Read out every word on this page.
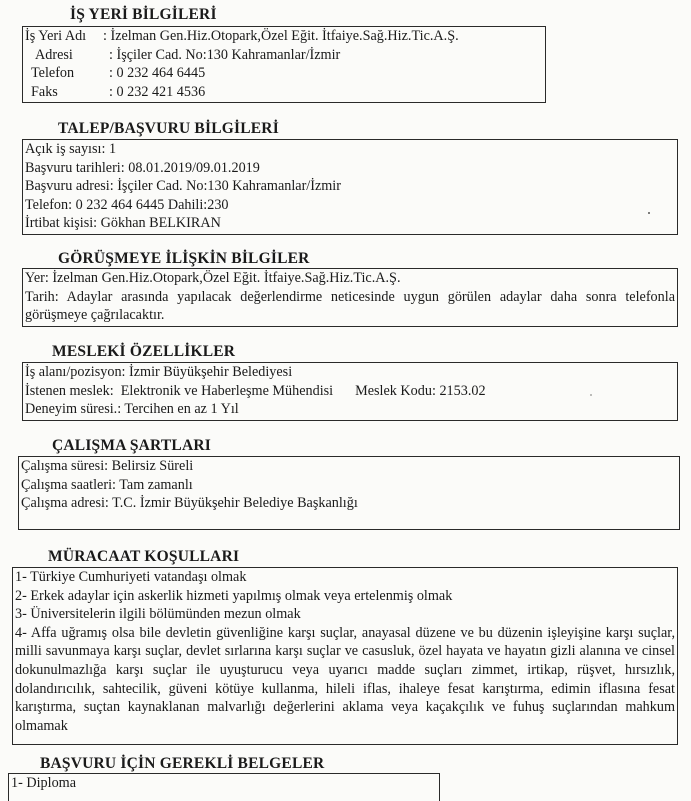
İŞ YERİ BİLGİLERİ
İş Yeri Adı	: İzelman Gen.Hiz.Otopark,Özel Eğit. İtfaiye.Sağ.Hiz.Tic.A.Ş.
Adresi	: İşçiler Cad. No:130 Kahramanlar/İzmir
Telefon	: 0 232 464 6445
Faks	: 0 232 421 4536
TALEP/BAŞVURU BİLGİLERİ
Açık iş sayısı: 1
Başvuru tarihleri: 08.01.2019/09.01.2019
Başvuru adresi: İşçiler Cad. No:130 Kahramanlar/İzmir
Telefon: 0 232 464 6445 Dahili:230
İrtibat kişisi: Gökhan BELKIRAN
GÖRÜŞMEYE İLİŞKİN BİLGİLER
Yer: İzelman Gen.Hiz.Otopark,Özel Eğit. İtfaiye.Sağ.Hiz.Tic.A.Ş.
Tarih: Adaylar arasında yapılacak değerlendirme neticesinde uygun görülen adaylar daha sonra telefonla görüşmeye çağrılacaktır.
MESLEKİ ÖZELLİKLER
İş alanı/pozisyon: İzmir Büyükşehir Belediyesi
İstenen meslek:  Elektronik ve Haberleşme Mühendisi Meslek Kodu: 2153.02
Deneyim süresi.: Tercihen en az 1 Yıl
ÇALIŞMA ŞARTLARI
Çalışma süresi: Belirsiz Süreli
Çalışma saatleri: Tam zamanlı
Çalışma adresi: T.C. İzmir Büyükşehir Belediye Başkanlığı
MÜRACAAT KOŞULLARI
1- Türkiye Cumhuriyeti vatandaşı olmak
2- Erkek adaylar için askerlik hizmeti yapılmış olmak veya ertelenmiş olmak
3- Üniversitelerin ilgili bölümünden mezun olmak
4- Affa uğramış olsa bile devletin güvenliğine karşı suçlar, anayasal düzene ve bu düzenin işleyişine karşı suçlar, milli savunmaya karşı suçlar, devlet sırlarına karşı suçlar ve casusluk, özel hayata ve hayatın gizli alanına ve cinsel dokunulmazlığa karşı suçlar ile uyuşturucu veya uyarıcı madde suçları zimmet, irtikap, rüşvet, hırsızlık, dolandırıcılık, sahtecilik, güveni kötüye kullanma, hileli iflas, ihaleye fesat karıştırma, edimin iflasına fesat karıştırma, suçtan kaynaklanan malvarlığı değerlerini aklama veya kaçakçılık ve fuhuş suçlarından mahkum olmamak
BAŞVURU İÇİN GEREKLİ BELGELER
1- Diploma
